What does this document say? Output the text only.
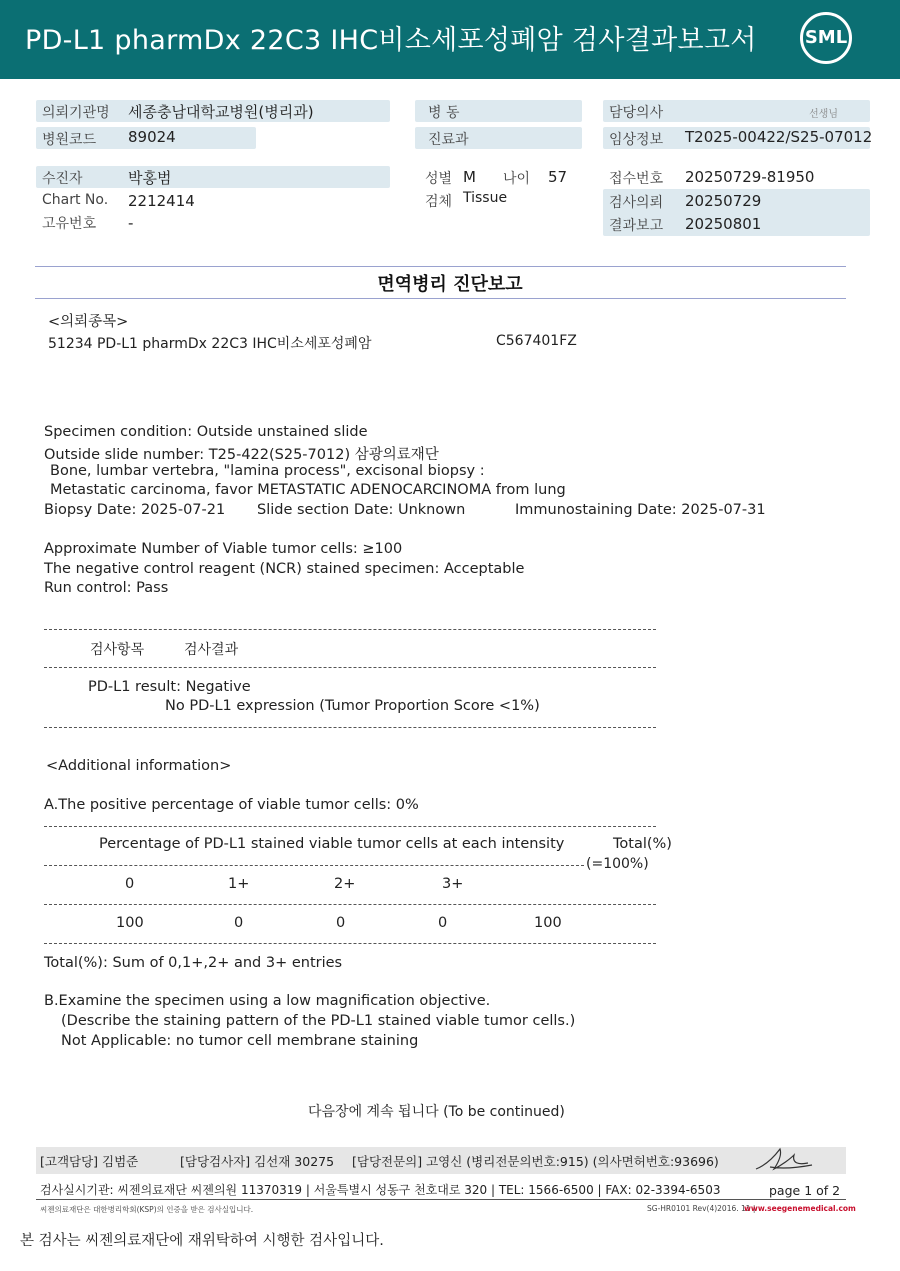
PD-L1 pharmDx 22C3 IHC비소세포성폐암 검사결과보고서	SML
의뢰기관명 세종충남대학교병원(병리과)
병원코드 89024
병 동
진료과
담당의사	선생님
임상정보 T2025-00422/S25-07012
수진자	박홍범
Chart No. 2212414
고유번호 -
성별 M 나이 57
검체 Tissue
접수번호 20250729-81950
검사의뢰 20250729
결과보고 20250801
면역병리 진단보고
<의뢰종목>
51234 PD-L1 pharmDx 22C3 IHC비소세포성폐암	C567401FZ
Specimen condition: Outside unstained slide
Outside slide number: T25-422(S25-7012) 삼광의료재단
Bone, lumbar vertebra, "lamina process", excisonal biopsy :
Metastatic carcinoma, favor METASTATIC ADENOCARCINOMA from lung
Biopsy Date: 2025-07-21 Slide section Date: Unknown	Immunostaining Date: 2025-07-31
Approximate Number of Viable tumor cells: ≥100
The negative control reagent (NCR) stained specimen: Acceptable
Run control: Pass
검사항목	검사결과
PD-L1 result: Negative
No PD-L1 expression (Tumor Proportion Score <1%)
<Additional information>
A.The positive percentage of viable tumor cells: 0%
Percentage of PD-L1 stained viable tumor cells at each intensity	Total(%)
(=100%)
0	1+	2+	3+
100	0	0	0	100
Total(%): Sum of 0,1+,2+ and 3+ entries
B.Examine the specimen using a low magnification objective.
(Describe the staining pattern of the PD-L1 stained viable tumor cells.)
Not Applicable: no tumor cell membrane staining
다음장에 계속 됩니다 (To be continued)
[고객담당] 김범준	[담당검사자] 김선재 30275 [담당전문의] 고영신 (병리전문의번호:915) (의사면허번호:93696)
검사실시기관: 씨젠의료재단 씨젠의원 11370319 | 서울특별시 성동구 천호대로 320 | TEL: 1566-6500 | FAX: 02-3394-6503	page 1 of 2
씨젠의료재단은 대한병리학회(KSP)의 인증을 받은 검사실입니다.	SG-HR0101 Rev(4)2016. 11 |
www.seegenemedical.com
본 검사는 씨젠의료재단에 재위탁하여 시행한 검사입니다.
